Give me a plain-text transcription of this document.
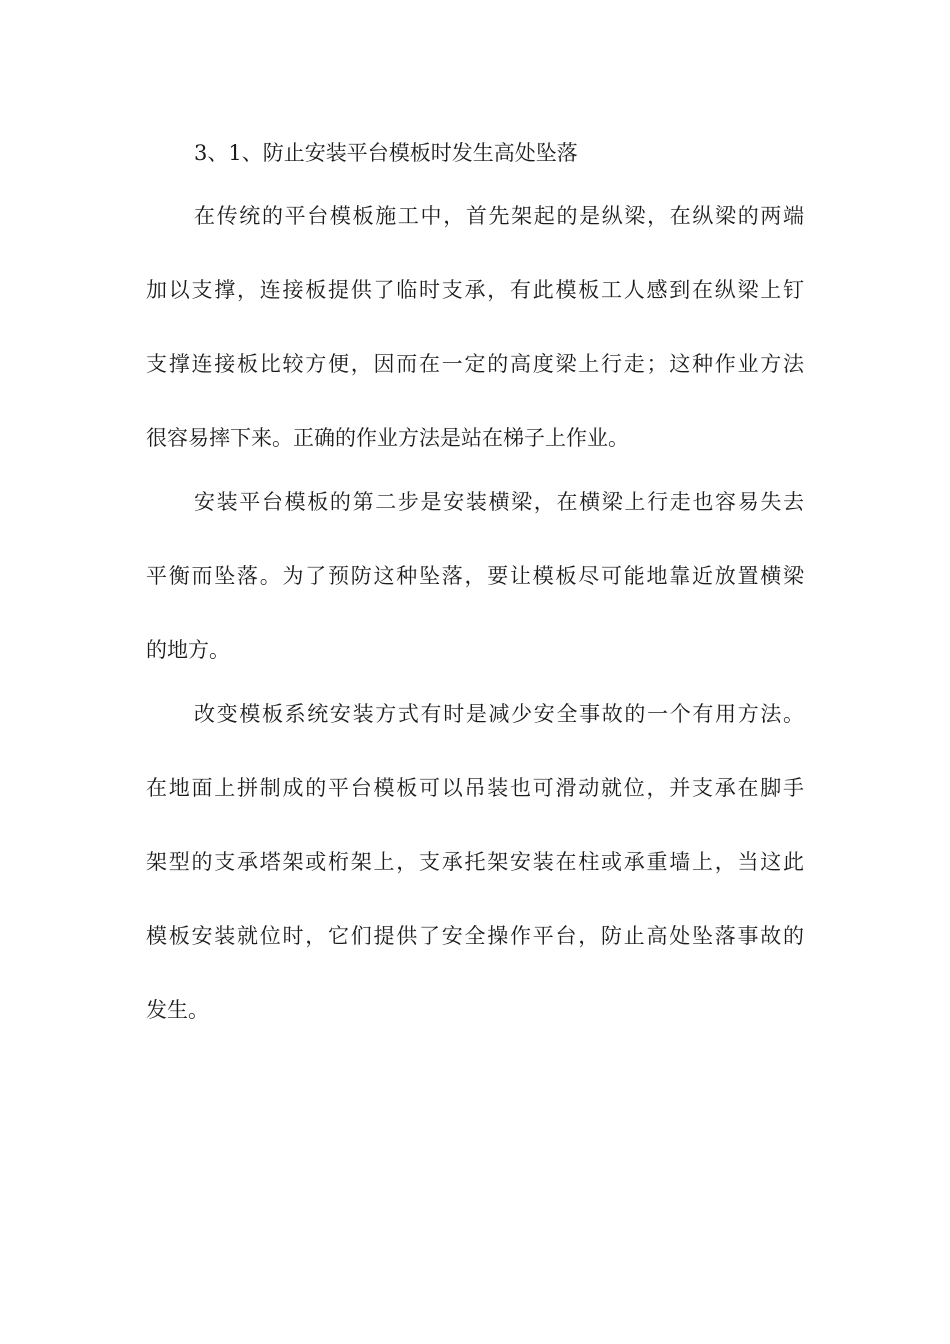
3、1、防止安装平台模板时发生高处坠落
在传统的平台模板施工中，首先架起的是纵梁，在纵梁的两端
加以支撑，连接板提供了临时支承，有此模板工人感到在纵梁上钉
支撑连接板比较方便，因而在一定的高度梁上行走；这种作业方法
很容易摔下来。正确的作业方法是站在梯子上作业。
安装平台模板的第二步是安装横梁，在横梁上行走也容易失去
平衡而坠落。为了预防这种坠落，要让模板尽可能地靠近放置横梁
的地方。
改变模板系统安装方式有时是减少安全事故的一个有用方法。
在地面上拼制成的平台模板可以吊装也可滑动就位，并支承在脚手
架型的支承塔架或桁架上，支承托架安装在柱或承重墙上，当这此
模板安装就位时，它们提供了安全操作平台，防止高处坠落事故的
发生。
